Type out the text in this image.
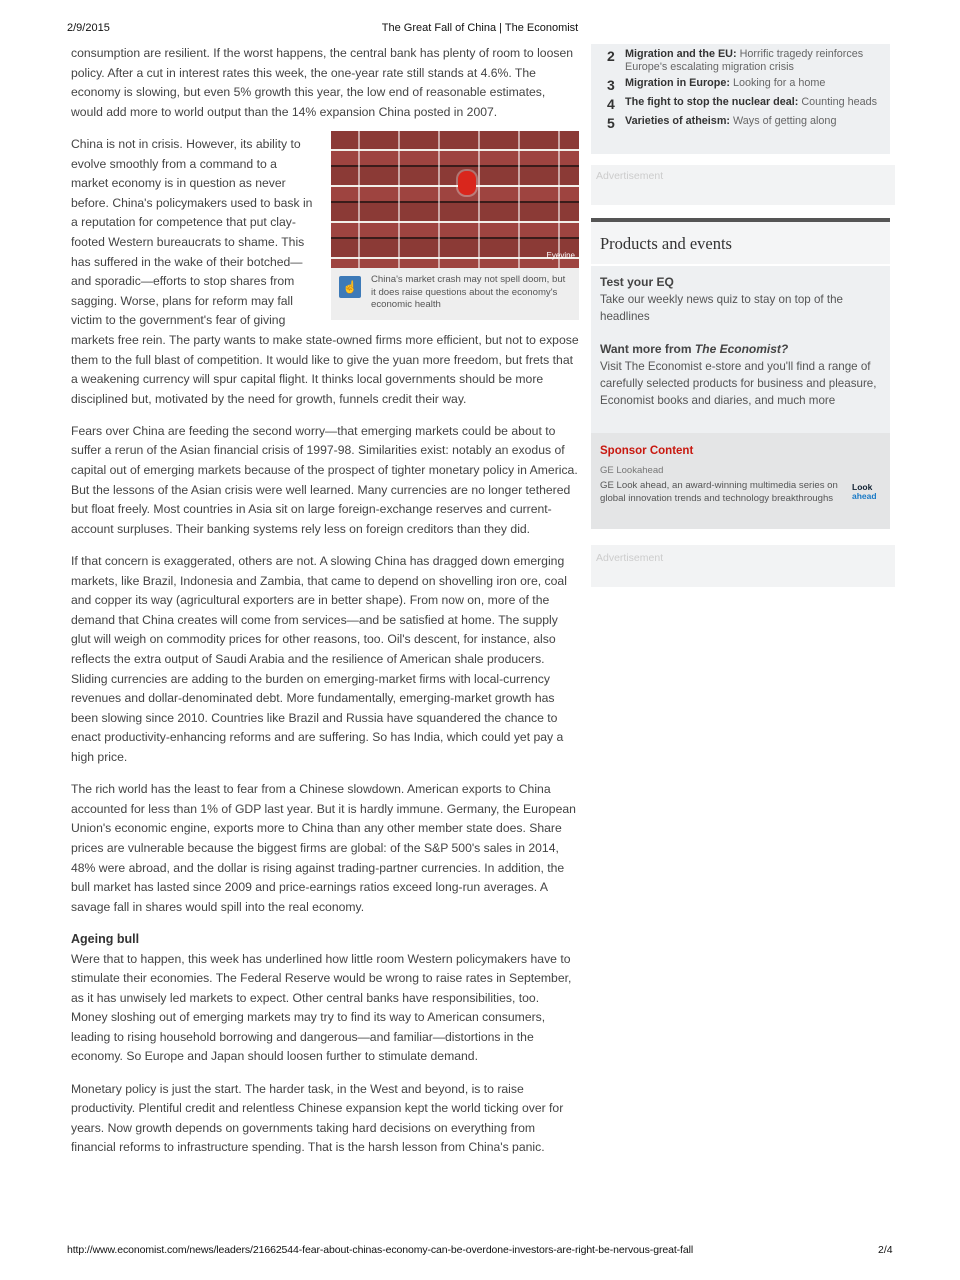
2/9/2015	The Great Fall of China | The Economist

consumption are resilient. If the worst happens, the central bank has plenty of room to loosen policy. After a cut in interest rates this week, the one-year rate still stands at 4.6%. The economy is slowing, but even 5% growth this year, the low end of reasonable estimates, would add more to world output than the 14% expansion China posted in 2007.

Eyevine
☝
China's market crash may not spell doom, but it does raise questions about the economy's economic health

China is not in crisis. However, its ability to evolve smoothly from a command to a market economy is in question as never before. China's policymakers used to bask in a reputation for competence that put clay-footed Western bureaucrats to shame. This has suffered in the wake of their botched—and sporadic—efforts to stop shares from sagging. Worse, plans for reform may fall victim to the government's fear of giving markets free rein. The party wants to make state-owned firms more efficient, but not to expose them to the full blast of competition. It would like to give the yuan more freedom, but frets that a weakening currency will spur capital flight. It thinks local governments should be more disciplined but, motivated by the need for growth, funnels credit their way.

Fears over China are feeding the second worry—that emerging markets could be about to suffer a rerun of the Asian financial crisis of 1997-98. Similarities exist: notably an exodus of capital out of emerging markets because of the prospect of tighter monetary policy in America. But the lessons of the Asian crisis were well learned. Many currencies are no longer tethered but float freely. Most countries in Asia sit on large foreign-exchange reserves and current-account surpluses. Their banking systems rely less on foreign creditors than they did.

If that concern is exaggerated, others are not. A slowing China has dragged down emerging markets, like Brazil, Indonesia and Zambia, that came to depend on shovelling iron ore, coal and copper its way (agricultural exporters are in better shape). From now on, more of the demand that China creates will come from services—and be satisfied at home. The supply glut will weigh on commodity prices for other reasons, too. Oil's descent, for instance, also reflects the extra output of Saudi Arabia and the resilience of American shale producers. Sliding currencies are adding to the burden on emerging-market firms with local-currency revenues and dollar-denominated debt. More fundamentally, emerging-market growth has been slowing since 2010. Countries like Brazil and Russia have squandered the chance to enact productivity-enhancing reforms and are suffering. So has India, which could yet pay a high price.

The rich world has the least to fear from a Chinese slowdown. American exports to China accounted for less than 1% of GDP last year. But it is hardly immune. Germany, the European Union's economic engine, exports more to China than any other member state does. Share prices are vulnerable because the biggest firms are global: of the S&P 500's sales in 2014, 48% were abroad, and the dollar is rising against trading-partner currencies. In addition, the bull market has lasted since 2009 and price-earnings ratios exceed long-run averages. A savage fall in shares would spill into the real economy.

Ageing bull

Were that to happen, this week has underlined how little room Western policymakers have to stimulate their economies. The Federal Reserve would be wrong to raise rates in September, as it has unwisely led markets to expect. Other central banks have responsibilities, too. Money sloshing out of emerging markets may try to find its way to American consumers, leading to rising household borrowing and dangerous—and familiar—distortions in the economy. So Europe and Japan should loosen further to stimulate demand.

Monetary policy is just the start. The harder task, in the West and beyond, is to raise productivity. Plentiful credit and relentless Chinese expansion kept the world ticking over for years. Now growth depends on governments taking hard decisions on everything from financial reforms to infrastructure spending. That is the harsh lesson from China's panic.

2 Migration and the EU: Horrific tragedy reinforces Europe's escalating migration crisis
3 Migration in Europe: Looking for a home
4 The fight to stop the nuclear deal: Counting heads
5 Varieties of atheism: Ways of getting along
Advertisement
Products and events
Test your EQ
Take our weekly news quiz to stay on top of the headlines
Want more from The Economist?
Visit The Economist e-store and you'll find a range of carefully selected products for business and pleasure, Economist books and diaries, and much more
Sponsor Content
GE Lookahead
GE Look ahead, an award-winning multimedia series on global innovation trends and technology breakthroughs
Look
ahead
Advertisement
http://www.economist.com/news/leaders/21662544-fear-about-chinas-economy-can-be-overdone-investors-are-right-be-nervous-great-fall	2/4
